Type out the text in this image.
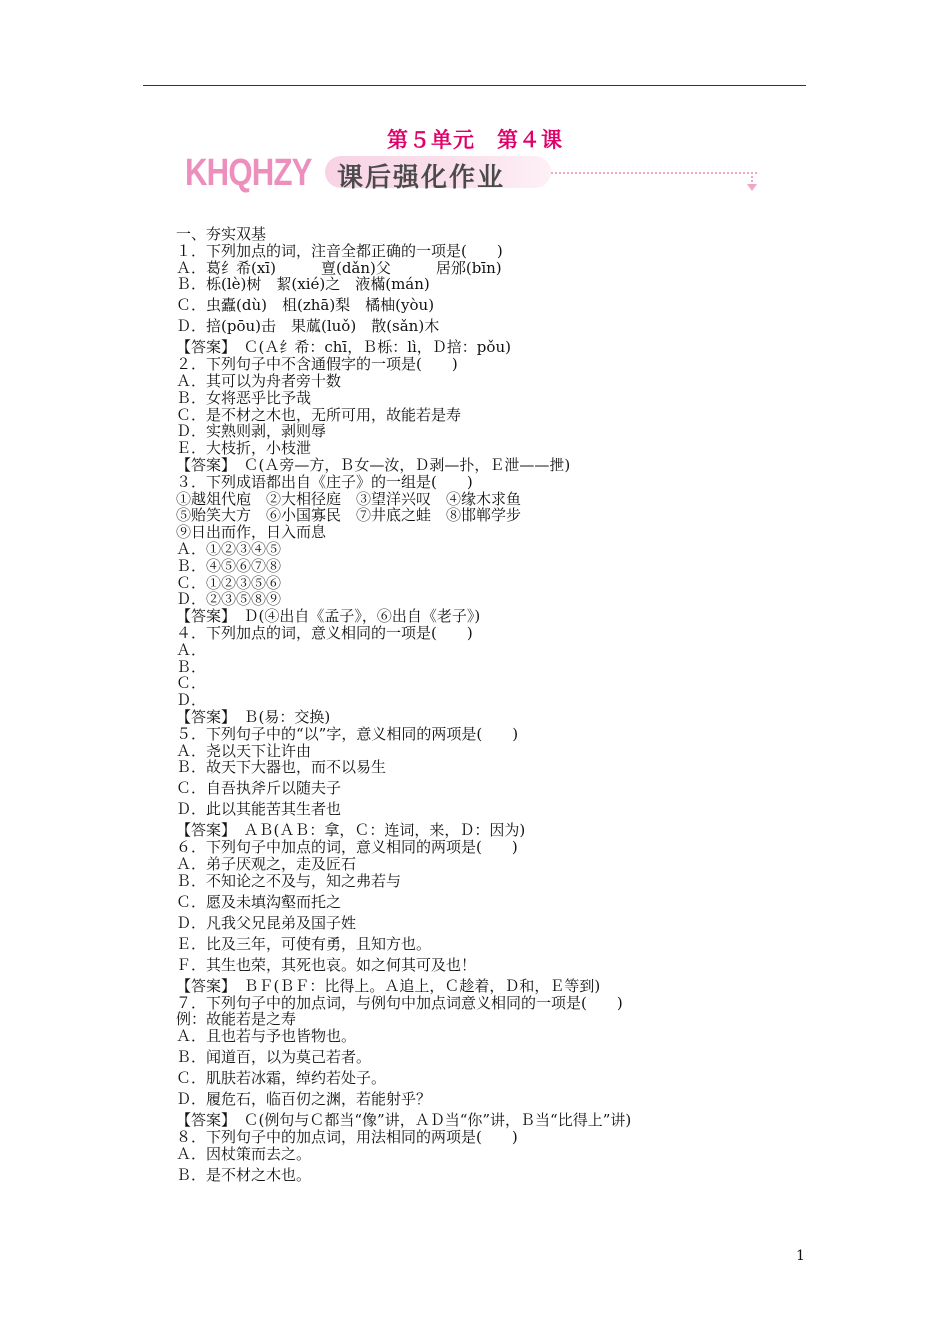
第５单元　第４课
KHQHZY 课后强化作业
一、夯实双基
１．下列加点的词，注音全都正确的一项是(　　)
Ａ．葛纟希(xī)　　　亶(dǎn)父　　　居邠(bīn)
Ｂ．栎(lè)树　絜(xié)之　液樠(mán)
Ｃ．虫蠹(dù)　柤(zhā)梨　橘柚(yòu)
Ｄ．掊(pōu)击　果蓏(luǒ)　散(sǎn)木
【答案】　Ｃ(Ａ纟希：chī，Ｂ栎：lì，Ｄ掊：pǒu)
２．下列句子中不含通假字的一项是(　　)
Ａ．其可以为舟者旁十数
Ｂ．女将恶乎比予哉
Ｃ．是不材之木也，无所可用，故能若是寿
Ｄ．实熟则剥，剥则辱
Ｅ．大枝折，小枝泄
【答案】　Ｃ(Ａ旁—方，Ｂ女—汝，Ｄ剥—扑，Ｅ泄——抴)
３．下列成语都出自《庄子》的一组是(　　)
①越俎代庖　②大相径庭　③望洋兴叹　④缘木求鱼
⑤贻笑大方　⑥小国寡民　⑦井底之蛙　⑧邯郸学步
⑨日出而作，日入而息
Ａ．①②③④⑤
Ｂ．④⑤⑥⑦⑧
Ｃ．①②③⑤⑥
Ｄ．②③⑤⑧⑨
【答案】　Ｄ(④出自《孟子》，⑥出自《老子》)
４．下列加点的词，意义相同的一项是(　　)
Ａ．
Ｂ．
Ｃ．
Ｄ．
【答案】　Ｂ(易：交换)
５．下列句子中的“以”字，意义相同的两项是(　　)
Ａ．尧以天下让许由
Ｂ．故天下大器也，而不以易生
Ｃ．自吾执斧斤以随夫子
Ｄ．此以其能苦其生者也
【答案】　ＡＢ(ＡＢ：拿，Ｃ：连词，来，Ｄ：因为)
６．下列句子中加点的词，意义相同的两项是(　　)
Ａ．弟子厌观之，走及匠石
Ｂ．不知论之不及与，知之弗若与
Ｃ．愿及未填沟壑而托之
Ｄ．凡我父兄昆弟及国子姓
Ｅ．比及三年，可使有勇，且知方也。
Ｆ．其生也荣，其死也哀。如之何其可及也！
【答案】　ＢＦ(ＢＦ：比得上。Ａ追上，Ｃ趁着，Ｄ和，Ｅ等到)
７．下列句子中的加点词，与例句中加点词意义相同的一项是(　　)
例：故能若是之寿
Ａ．且也若与予也皆物也。
Ｂ．闻道百，以为莫己若者。
Ｃ．肌肤若冰霜，绰约若处子。
Ｄ．履危石，临百仞之渊，若能射乎？
【答案】　Ｃ(例句与Ｃ都当“像”讲，ＡＤ当“你”讲，Ｂ当“比得上”讲)
８．下列句子中的加点词，用法相同的两项是(　　)
Ａ．因杖策而去之。
Ｂ．是不材之木也。
1
